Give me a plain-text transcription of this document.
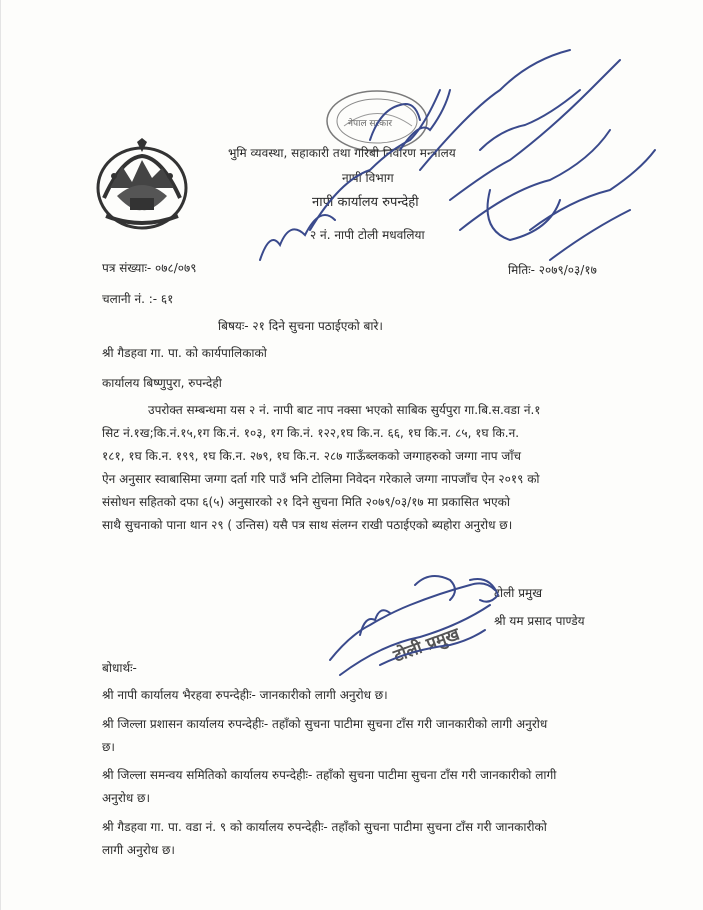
नेपाल सरकार
भुमि व्यवस्था, सहाकारी तथा गरिबी निवारण मन्त्रालय
नापी विभाग
नापी कार्यालय रुपन्देही
२ नं. नापी टोली मधवलिया
पत्र संख्याः- ०७८/०७९	मितिः- २०७९/०३/१७
चलानी नं. :- ६१
बिषयः- २१ दिने सुचना पठाईएको बारे।
श्री गैडहवा गा. पा. को कार्यपालिकाको
कार्यालय बिष्णुपुरा, रुपन्देही
उपरोक्त सम्बन्धमा यस २ नं. नापी बाट नाप नक्सा भएको साबिक सुर्यपुरा गा.बि.स.वडा नं.१
सिट नं.१ख;कि.नं.१५,१ग कि.नं. १०३, १ग कि.नं. १२२,१घ कि.न. ६६, १घ कि.न. ८५, १घ कि.न.
१८१, १घ कि.न. १९९, १घ कि.न. २७९, १घ कि.न. २८७ गाऊँब्लकको जग्गाहरुको जग्गा नाप जाँच
ऐन अनुसार स्वाबासिमा जग्गा दर्ता गरि पाउँ भनि टोलिमा निवेदन गरेकाले जग्गा नापजाँच ऐन २०१९ को
संसोधन सहितको दफा ६(५) अनुसारको २१ दिने सुचना मिति २०७९/०३/१७ मा प्रकासित भएको
साथै सुचनाको पाना थान २९ ( उन्तिस) यसै पत्र साथ संलग्न राखी पठाईएको ब्यहोरा अनुरोध छ।
टोली प्रमुख
श्री यम प्रसाद पाण्डेय
टोली प्रमुख
बोधार्थः-
श्री नापी कार्यालय भैरहवा रुपन्देहीः- जानकारीको लागी अनुरोध छ।
श्री जिल्ला प्रशासन कार्यालय रुपन्देहीः- तहाँको सुचना पाटीमा सुचना टाँस गरी जानकारीको लागी अनुरोध
छ।
श्री जिल्ला समन्वय समितिको कार्यालय रुपन्देहीः- तहाँको सुचना पाटीमा सुचना टाँस गरी जानकारीको लागी
अनुरोध छ।
श्री गैडहवा गा. पा. वडा नं. ९ को कार्यालय रुपन्देहीः- तहाँको सुचना पाटीमा सुचना टाँस गरी जानकारीको
लागी अनुरोध छ।
